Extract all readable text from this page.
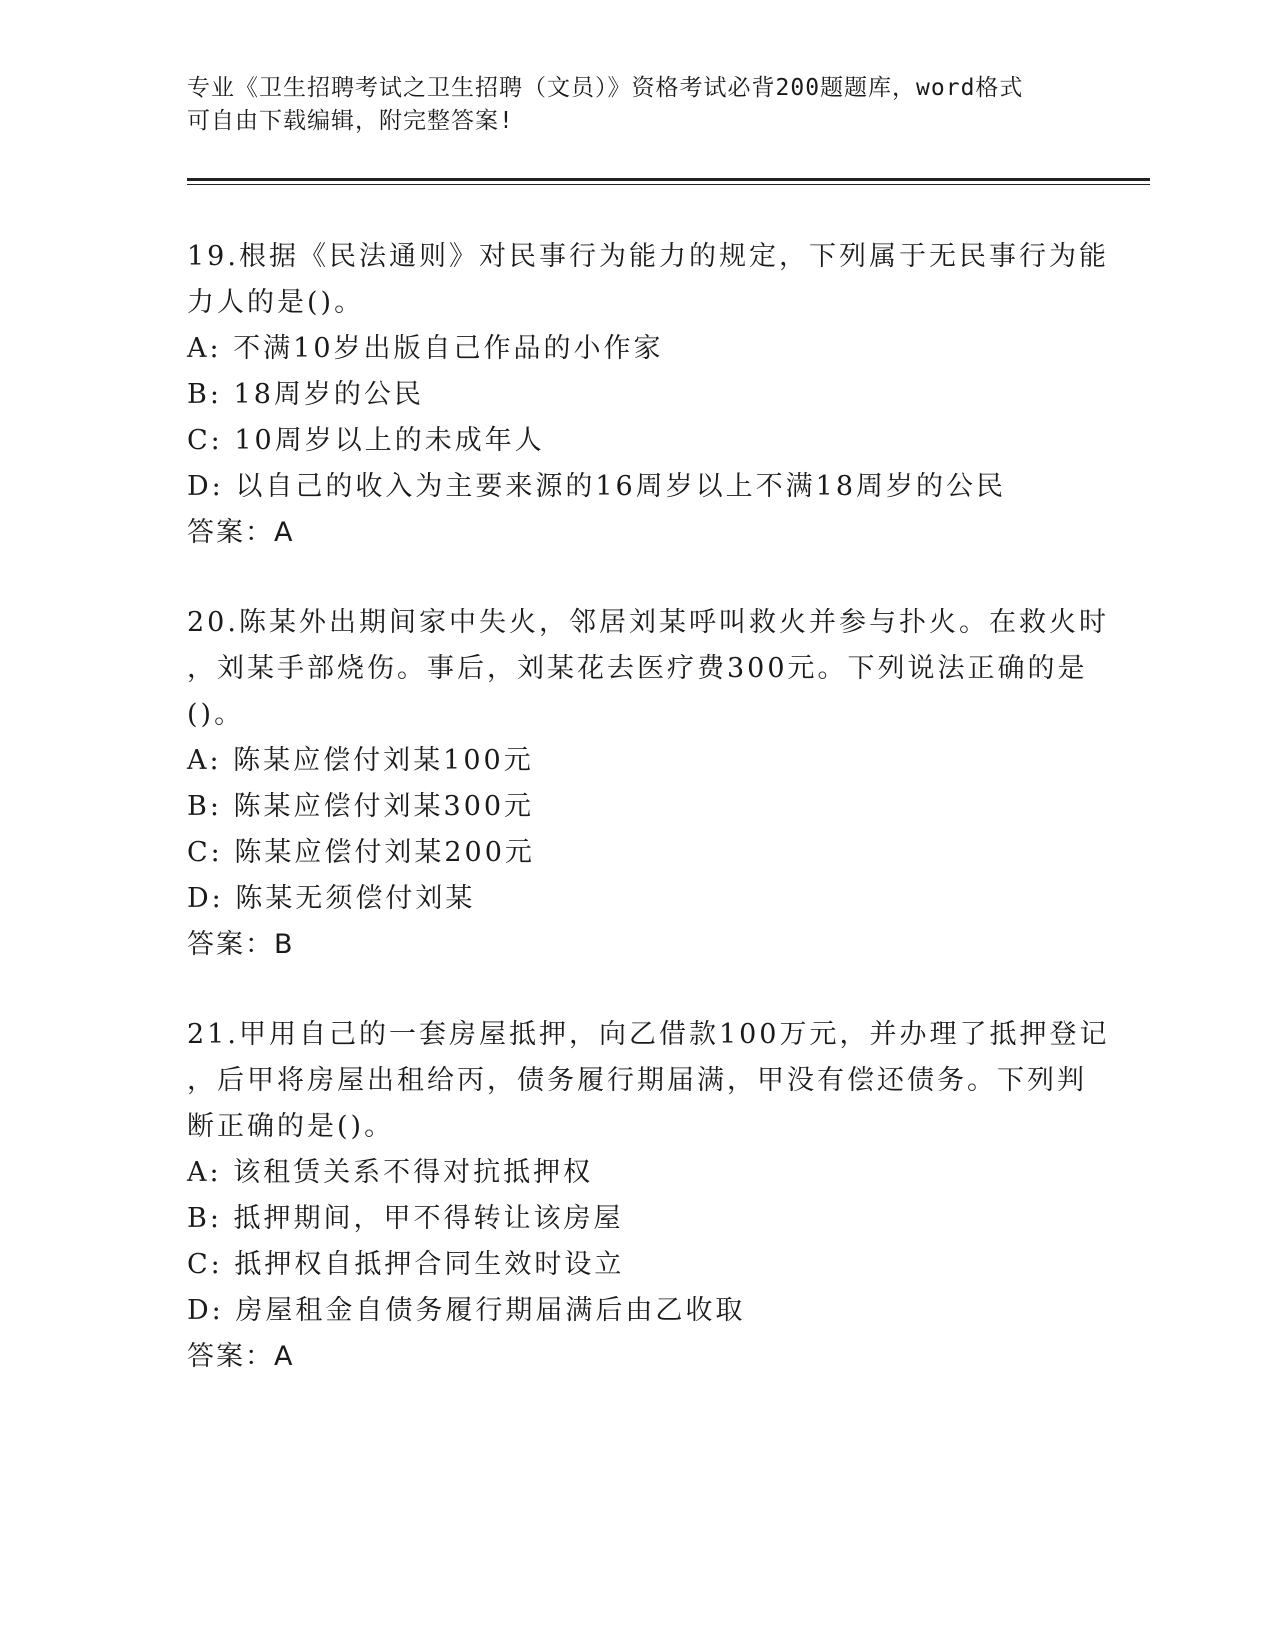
专业《卫生招聘考试之卫生招聘（文员）》资格考试必背200题题库，word格式
可自由下载编辑，附完整答案!
19.根据《民法通则》对民事行为能力的规定，下列属于无民事行为能
力人的是()。
A: 不满10岁出版自己作品的小作家
B: 18周岁的公民
C: 10周岁以上的未成年人
D: 以自己的收入为主要来源的16周岁以上不满18周岁的公民
答案：A
20.陈某外出期间家中失火，邻居刘某呼叫救火并参与扑火。在救火时
，刘某手部烧伤。事后，刘某花去医疗费300元。下列说法正确的是
()。
A: 陈某应偿付刘某100元
B: 陈某应偿付刘某300元
C: 陈某应偿付刘某200元
D: 陈某无须偿付刘某
答案：B
21.甲用自己的一套房屋抵押，向乙借款100万元，并办理了抵押登记
，后甲将房屋出租给丙，债务履行期届满，甲没有偿还债务。下列判
断正确的是()。
A: 该租赁关系不得对抗抵押权
B: 抵押期间，甲不得转让该房屋
C: 抵押权自抵押合同生效时设立
D: 房屋租金自债务履行期届满后由乙收取
答案：A
